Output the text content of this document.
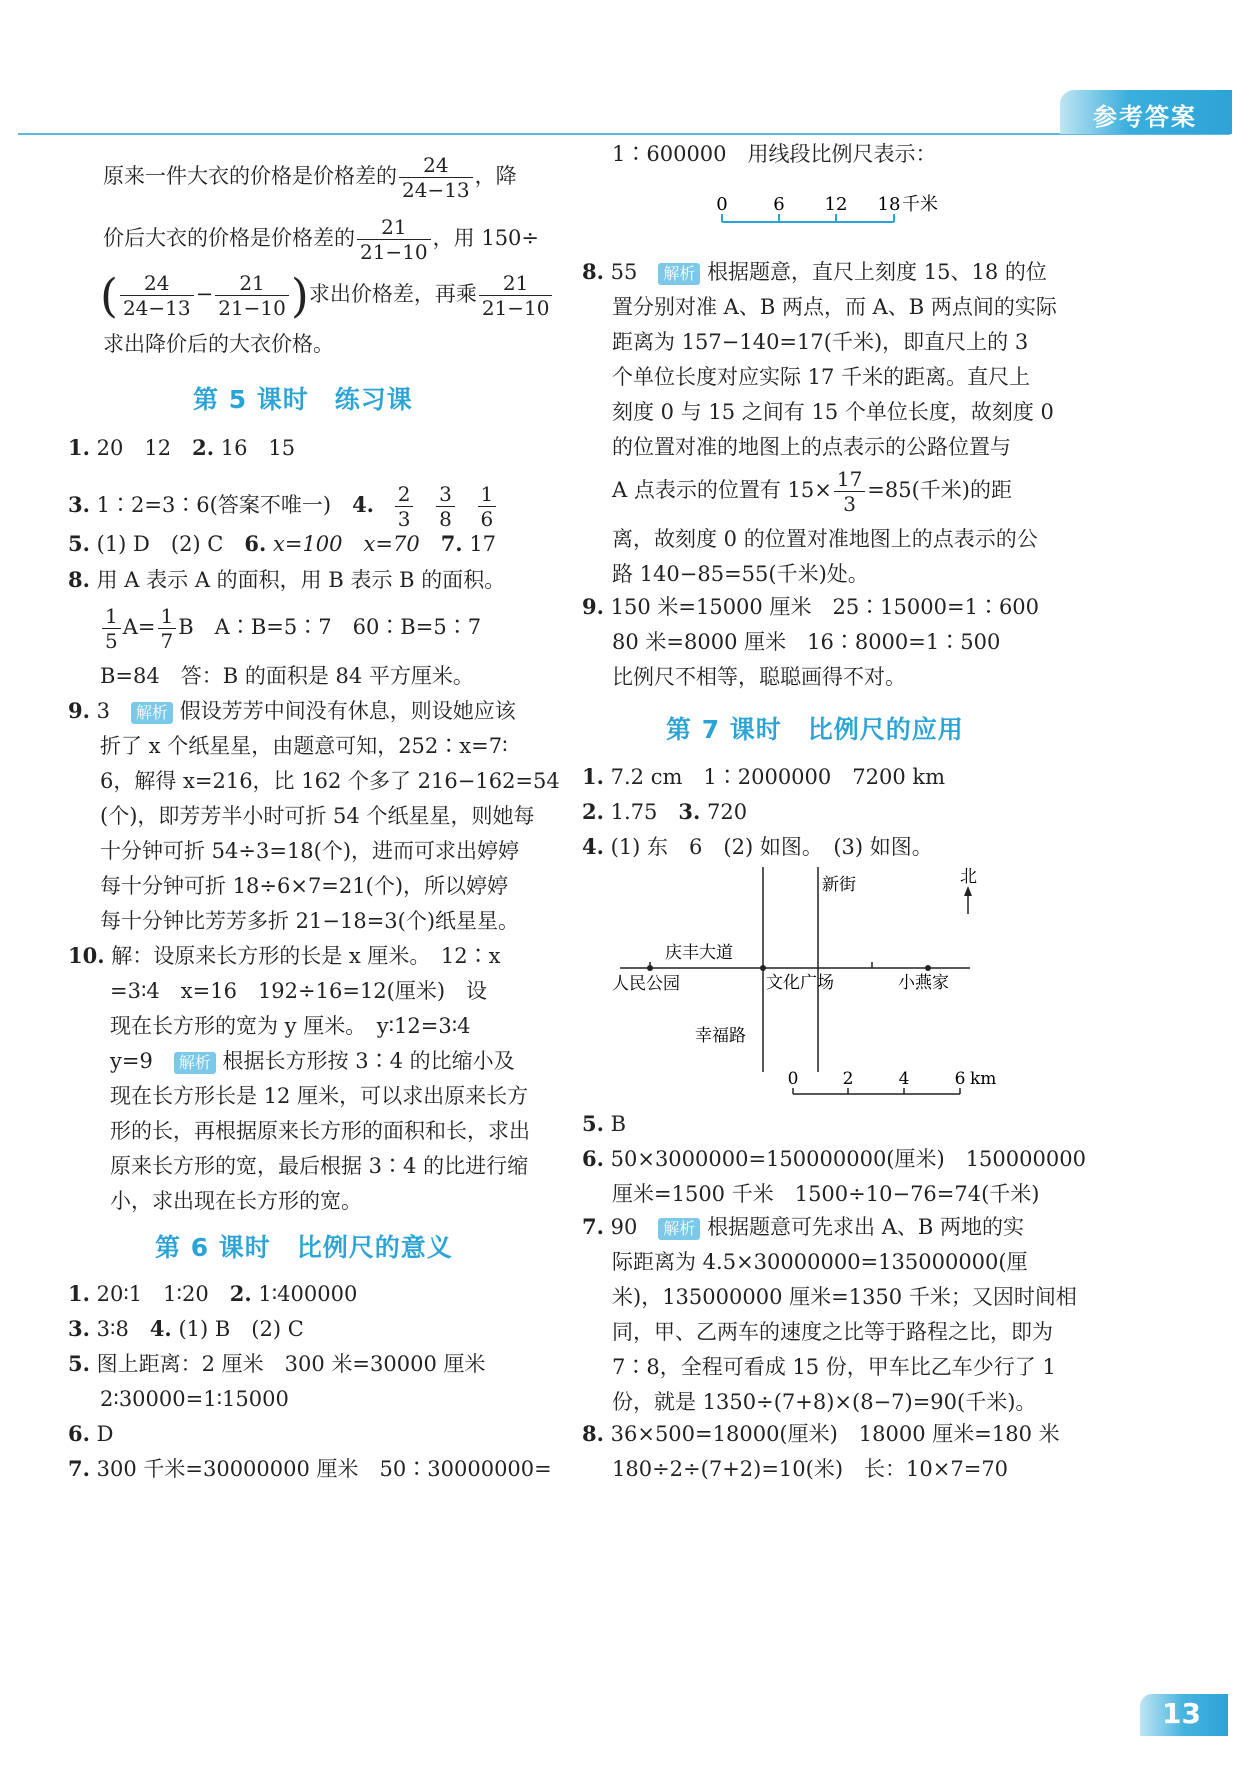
参考答案
原来一件大衣的价格是价格差的 $\frac{24}{24-13}$ ，降
价后大衣的价格是价格差的 $\frac{21}{21-10}$ ，用 150÷
( $\frac{24}{24-13} - \frac{21}{21-10}$ )求出价格差，再乘 $\frac{21}{21-10}$
求出降价后的大衣价格。
第 5 课时　练习课
1. 20　12　2. 16　15
3. 1∶2=3∶6(答案不唯一)　4. $\frac{2}{3}$
$\frac{3}{8}$
$\frac{1}{6}$
5. (1) D　(2) C　6. x=100　x=70　7. 17
8. 用 A 表示 A 的面积，用 B 表示 B 的面积。
$\frac{1}{5} A= \frac{1}{7}$ B　A∶B=5∶7　60∶B=5∶7
B=84　答：B 的面积是 84 平方厘米。
9. 3　 解析 假设芳芳中间没有休息，则设她应该
折了 x 个纸星星，由题意可知，252∶x=7∶
6，解得 x=216，比 162 个多了 216−162=54
(个)，即芳芳半小时可折 54 个纸星星，则她每
十分钟可折 54÷3=18(个)，进而可求出婷婷
每十分钟可折 18÷6×7=21(个)，所以婷婷
每十分钟比芳芳多折 21−18=3(个)纸星星。
10. 解：设原来长方形的长是 x 厘米。　12∶x
=3∶4　x=16　192÷16=12(厘米)　设
现在长方形的宽为 y 厘米。　y∶12=3∶4
y=9　解析 根据长方形按 3∶4 的比缩小及
现在长方形长是 12 厘米，可以求出原来长方
形的长，再根据原来长方形的面积和长，求出
原来长方形的宽，最后根据 3∶4 的比进行缩
小，求出现在长方形的宽。
第 6 课时　比例尺的意义
1. 20∶1　1∶20　2. 1∶400000
3. 3∶8　4. (1) B　(2) C
5. 图上距离：2 厘米　300 米=30000 厘米
2∶30000=1∶15000
6. D
7. 300 千米=30000000 厘米　50∶30000000=
1∶600000　用线段比例尺表示：
0	6 12 18 千米
8. 55　 解析 根据题意，直尺上刻度 15、18 的位
置分别对准 A、B 两点，而 A、B 两点间的实际
距离为 157−140=17(千米)，即直尺上的 3
个单位长度对应实际 17 千米的距离。直尺上
刻度 0 与 15 之间有 15 个单位长度，故刻度 0
的位置对准的地图上的点表示的公路位置与
A 点表示的位置有 $15\times \frac{17}{3} =85$(千米)的距
离，故刻度 0 的位置对准地图上的点表示的公
路 140−85=55(千米)处。
9. 150 米=15000 厘米　25∶15000=1∶600
80 米=8000 厘米　16∶8000=1∶500
比例尺不相等，聪聪画得不对。
第 7 课时　比例尺的应用
1. 7.2 cm　1∶2000000　7200 km
2. 1.75　3. 720
4. (1) 东　6　(2) 如图。　(3) 如图。
北
新街
庆丰大道
人民公园	文化广场	小燕家
幸福路
0	2	4	6 km
5. B
6. 50×3000000=150000000(厘米)　150000000
厘米=1500 千米　1500÷10−76=74(千米)
7. 90　 解析 根据题意可先求出 A、B 两地的实
际距离为 4.5×30000000=135000000(厘
米)，135000000 厘米=1350 千米；又因时间相
同，甲、乙两车的速度之比等于路程之比，即为
7∶8，全程可看成 15 份，甲车比乙车少行了 1
份，就是 1350÷(7+8)×(8−7)=90(千米)。
8. 36×500=18000(厘米)　18000 厘米=180 米
180÷2÷(7+2)=10(米)　长：10×7=70
13
